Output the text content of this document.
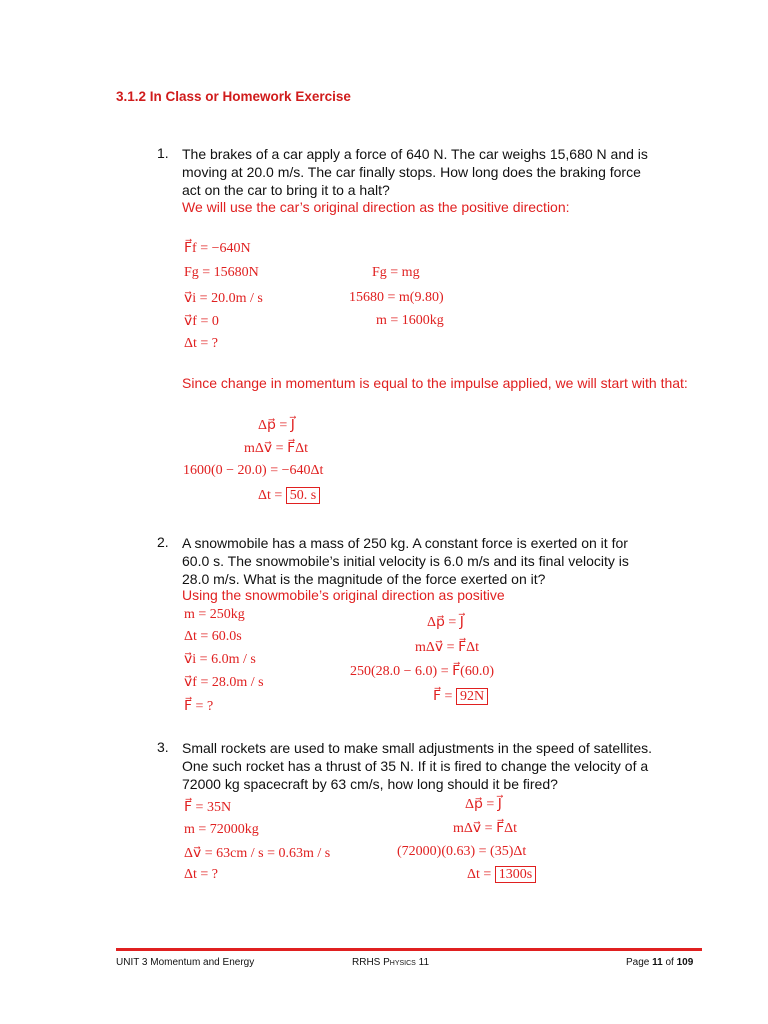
3.1.2 In Class or Homework Exercise
1. The brakes of a car apply a force of 640 N. The car weighs 15,680 N and is
moving at 20.0 m/s. The car finally stops. How long does the braking force
act on the car to bring it to a halt?
We will use the car’s original direction as the positive direction:
F⃗f = −640N
Fg = 15680N
v⃗i = 20.0m / s
v⃗f = 0
Δt = ?
Fg = mg
15680 = m(9.80)
m = 1600kg
Since change in momentum is equal to the impulse applied, we will start with that:
Δp⃗ = J⃗
mΔv⃗ = F⃗Δt
1600(0 − 20.0) = −640Δt
Δt = 50. s
2. A snowmobile has a mass of 250 kg. A constant force is exerted on it for
60.0 s. The snowmobile’s initial velocity is 6.0 m/s and its final velocity is
28.0 m/s. What is the magnitude of the force exerted on it?
Using the snowmobile’s original direction as positive
m = 250kg
Δt = 60.0s
v⃗i = 6.0m / s
v⃗f = 28.0m / s
F⃗ = ?
Δp⃗ = J⃗
mΔv⃗ = F⃗Δt
250(28.0 − 6.0) = F⃗(60.0)
F⃗ = 92N
3. Small rockets are used to make small adjustments in the speed of satellites.
One such rocket has a thrust of 35 N. If it is fired to change the velocity of a
72000 kg spacecraft by 63 cm/s, how long should it be fired?
F⃗ = 35N
m = 72000kg
Δv⃗ = 63cm / s = 0.63m / s
Δt = ?
Δp⃗ = J⃗
mΔv⃗ = F⃗Δt
(72000)(0.63) = (35)Δt
Δt = 1300s
UNIT 3 Momentum and Energy	RRHS Physics 11	Page 11 of 109
